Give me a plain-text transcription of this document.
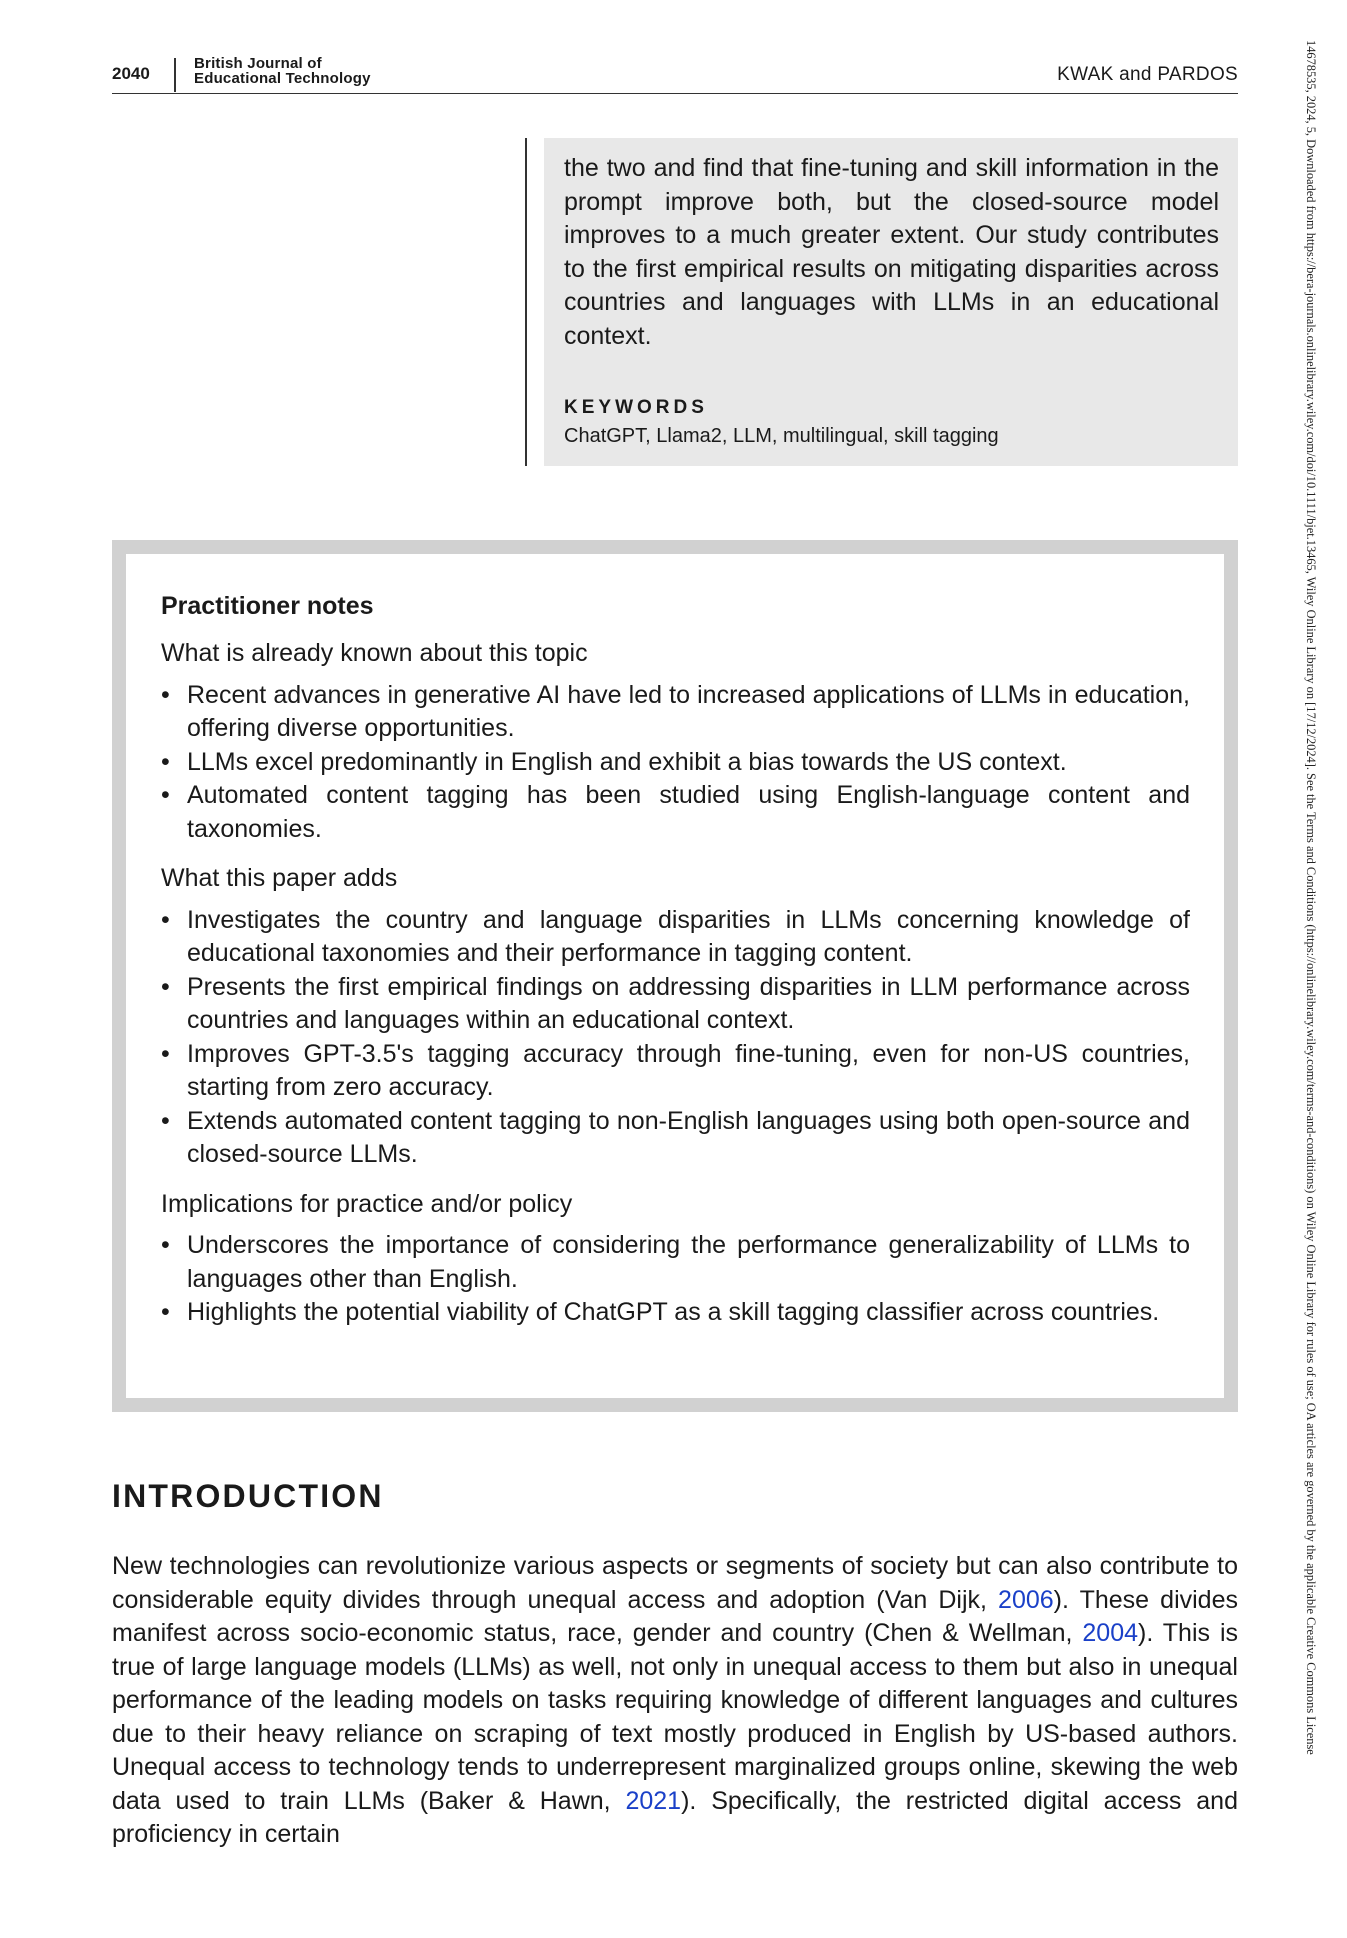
2040
British Journal of
Educational Technology	KWAK and PARDOS

the two and find that fine-tuning and skill information in the prompt improve both, but the closed-source model improves to a much greater extent. Our study contributes to the first empirical results on mitigating disparities across countries and languages with LLMs in an educational context.

KEYWORDS
ChatGPT, Llama2, LLM, multilingual, skill tagging
Practitioner notes
What is already known about this topic
• Recent advances in generative AI have led to increased applications of LLMs in education, offering diverse opportunities.
• LLMs excel predominantly in English and exhibit a bias towards the US context.
• Automated content tagging has been studied using English-language content and taxonomies.
What this paper adds
• Investigates the country and language disparities in LLMs concerning knowledge of educational taxonomies and their performance in tagging content.
• Presents the first empirical findings on addressing disparities in LLM performance across countries and languages within an educational context.
• Improves GPT-3.5's tagging accuracy through fine-tuning, even for non-US countries, starting from zero accuracy.
• Extends automated content tagging to non-English languages using both open-source and closed-source LLMs.
Implications for practice and/or policy
• Underscores the importance of considering the performance generalizability of LLMs to languages other than English.
• Highlights the potential viability of ChatGPT as a skill tagging classifier across countries.
INTRODUCTION

New technologies can revolutionize various aspects or segments of society but can also contribute to considerable equity divides through unequal access and adoption (Van Dijk, 2006). These divides manifest across socio-economic status, race, gender and country (Chen & Wellman, 2004). This is true of large language models (LLMs) as well, not only in unequal access to them but also in unequal performance of the leading models on tasks requiring knowledge of different languages and cultures due to their heavy reliance on scraping of text mostly produced in English by US-based authors. Unequal access to technology tends to underrepresent marginalized groups online, skewing the web data used to train LLMs (Baker & Hawn, 2021). Specifically, the restricted digital access and proficiency in certain

14678535, 2024, 5, Downloaded from https://bera-journals.onlinelibrary.wiley.com/doi/10.1111/bjet.13465, Wiley Online Library on [17/12/2024]. See the Terms and Conditions (https://onlinelibrary.wiley.com/terms-and-conditions) on Wiley Online Library for rules of use; OA articles are governed by the applicable Creative Commons License
